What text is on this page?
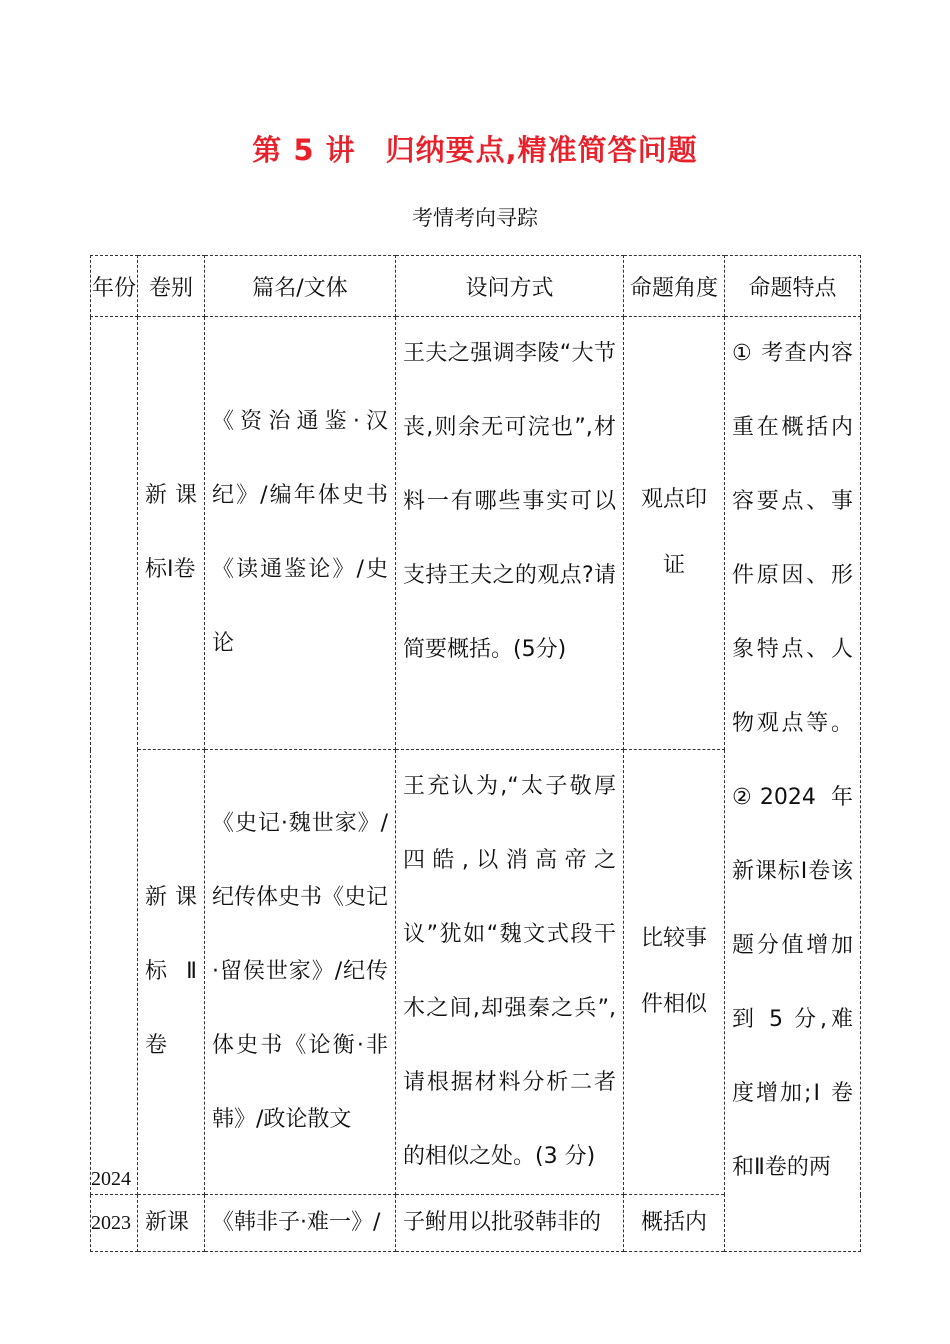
第 5 讲　归纳要点,精准简答问题
考情考向寻踪
年份	卷别	篇名/文体	设问方式	命题角度	命题特点
2024	新课标Ⅰ卷	《资治通鉴·汉纪》/编年体史书《读通鉴论》/史论	王夫之强调李陵“大节丧,则余无可浣也”,材料一有哪些事实可以支持王夫之的观点?请简要概括。(5分)	观点印证	① 考查内容重在概括内容要点、事件原因、形象特点、人物观点等。②2024 年新课标Ⅰ卷该题分值增加到 5 分,难度增加;Ⅰ 卷和Ⅱ卷的两
	新课标Ⅱ卷	《史记·魏世家》/纪传体史书《史记·留侯世家》/纪传体史书《论衡·非韩》/政论散文	王充认为,“太子敬厚四皓,以消高帝之议”犹如“魏文式段干木之间,却强秦之兵”,请根据材料分析二者的相似之处。(3 分)	比较事件相似	
2023	新课	《韩非子·难一》/	子鲋用以批驳韩非的	概括内	
